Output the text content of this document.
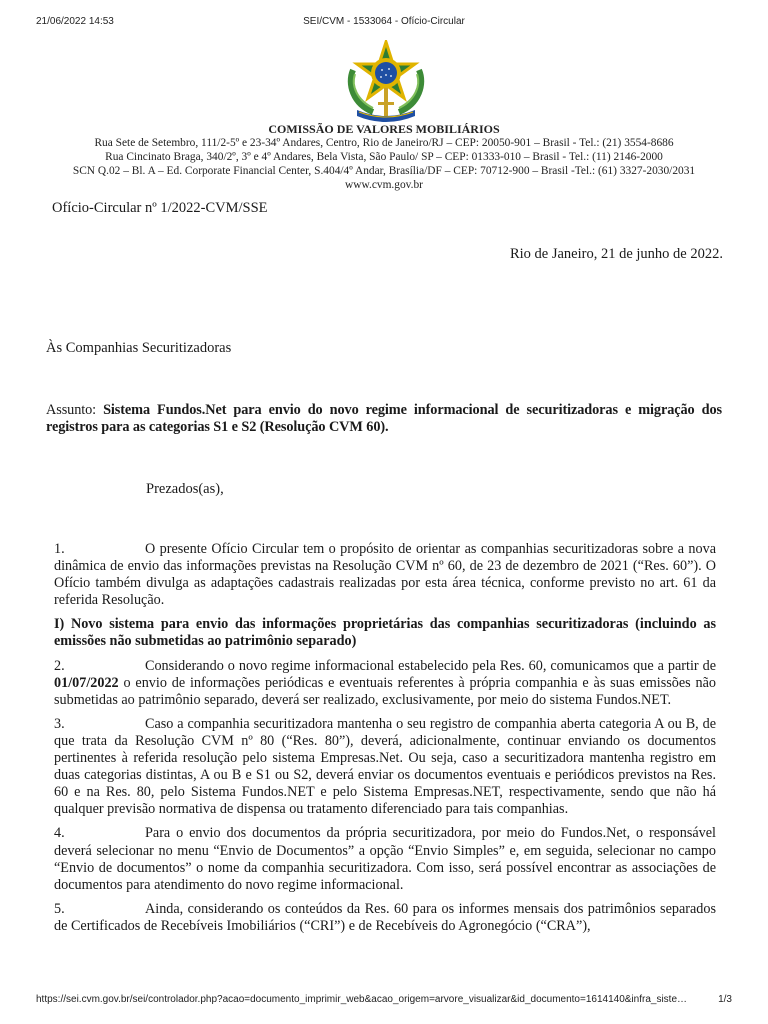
21/06/2022 14:53	SEI/CVM - 1533064 - Ofício-Circular
COMISSÃO DE VALORES MOBILIÁRIOS
Rua Sete de Setembro, 111/2-5º e 23-34º Andares, Centro, Rio de Janeiro/RJ – CEP: 20050-901 – Brasil - Tel.: (21) 3554-8686
Rua Cincinato Braga, 340/2º, 3º e 4º Andares, Bela Vista, São Paulo/ SP – CEP: 01333-010 – Brasil - Tel.: (11) 2146-2000
SCN Q.02 – Bl. A – Ed. Corporate Financial Center, S.404/4º Andar, Brasília/DF – CEP: 70712-900 – Brasil -Tel.: (61) 3327-2030/2031
www.cvm.gov.br
Ofício-Circular nº 1/2022-CVM/SSE
Rio de Janeiro, 21 de junho de 2022.
Às Companhias Securitizadoras
Assunto: Sistema Fundos.Net para envio do novo regime informacional de securitizadoras e migração dos registros para as categorias S1 e S2 (Resolução CVM 60).
Prezados(as),

1.	O presente Ofício Circular tem o propósito de orientar as companhias securitizadoras sobre a nova dinâmica de envio das informações previstas na Resolução CVM nº 60, de 23 de dezembro de 2021 (“Res. 60”). O Ofício também divulga as adaptações cadastrais realizadas por esta área técnica, conforme previsto no art. 61 da referida Resolução.

I) Novo sistema para envio das informações proprietárias das companhias securitizadoras (incluindo as emissões não submetidas ao patrimônio separado)

2.	Considerando o novo regime informacional estabelecido pela Res. 60, comunicamos que a partir de 01/07/2022 o envio de informações periódicas e eventuais referentes à própria companhia e às suas emissões não submetidas ao patrimônio separado, deverá ser realizado, exclusivamente, por meio do sistema Fundos.NET.

3.	Caso a companhia securitizadora mantenha o seu registro de companhia aberta categoria A ou B, de que trata da Resolução CVM nº 80 (“Res. 80”), deverá, adicionalmente, continuar enviando os documentos pertinentes à referida resolução pelo sistema Empresas.Net. Ou seja, caso a securitizadora mantenha registro em duas categorias distintas, A ou B e S1 ou S2, deverá enviar os documentos eventuais e periódicos previstos na Res. 60 e na Res. 80, pelo Sistema Fundos.NET e pelo Sistema Empresas.NET, respectivamente, sendo que não há qualquer previsão normativa de dispensa ou tratamento diferenciado para tais companhias.

4.	Para o envio dos documentos da própria securitizadora, por meio do Fundos.Net, o responsável deverá selecionar no menu “Envio de Documentos” a opção “Envio Simples” e, em seguida, selecionar no campo “Envio de documentos” o nome da companhia securitizadora. Com isso, será possível encontrar as associações de documentos para atendimento do novo regime informacional.

5.	Ainda, considerando os conteúdos da Res. 60 para os informes mensais dos patrimônios separados de Certificados de Recebíveis Imobiliários (“CRI”) e de Recebíveis do Agronegócio (“CRA”),

https://sei.cvm.gov.br/sei/controlador.php?acao=documento_imprimir_web&acao_origem=arvore_visualizar&id_documento=1614140&infra_siste…	1/3
